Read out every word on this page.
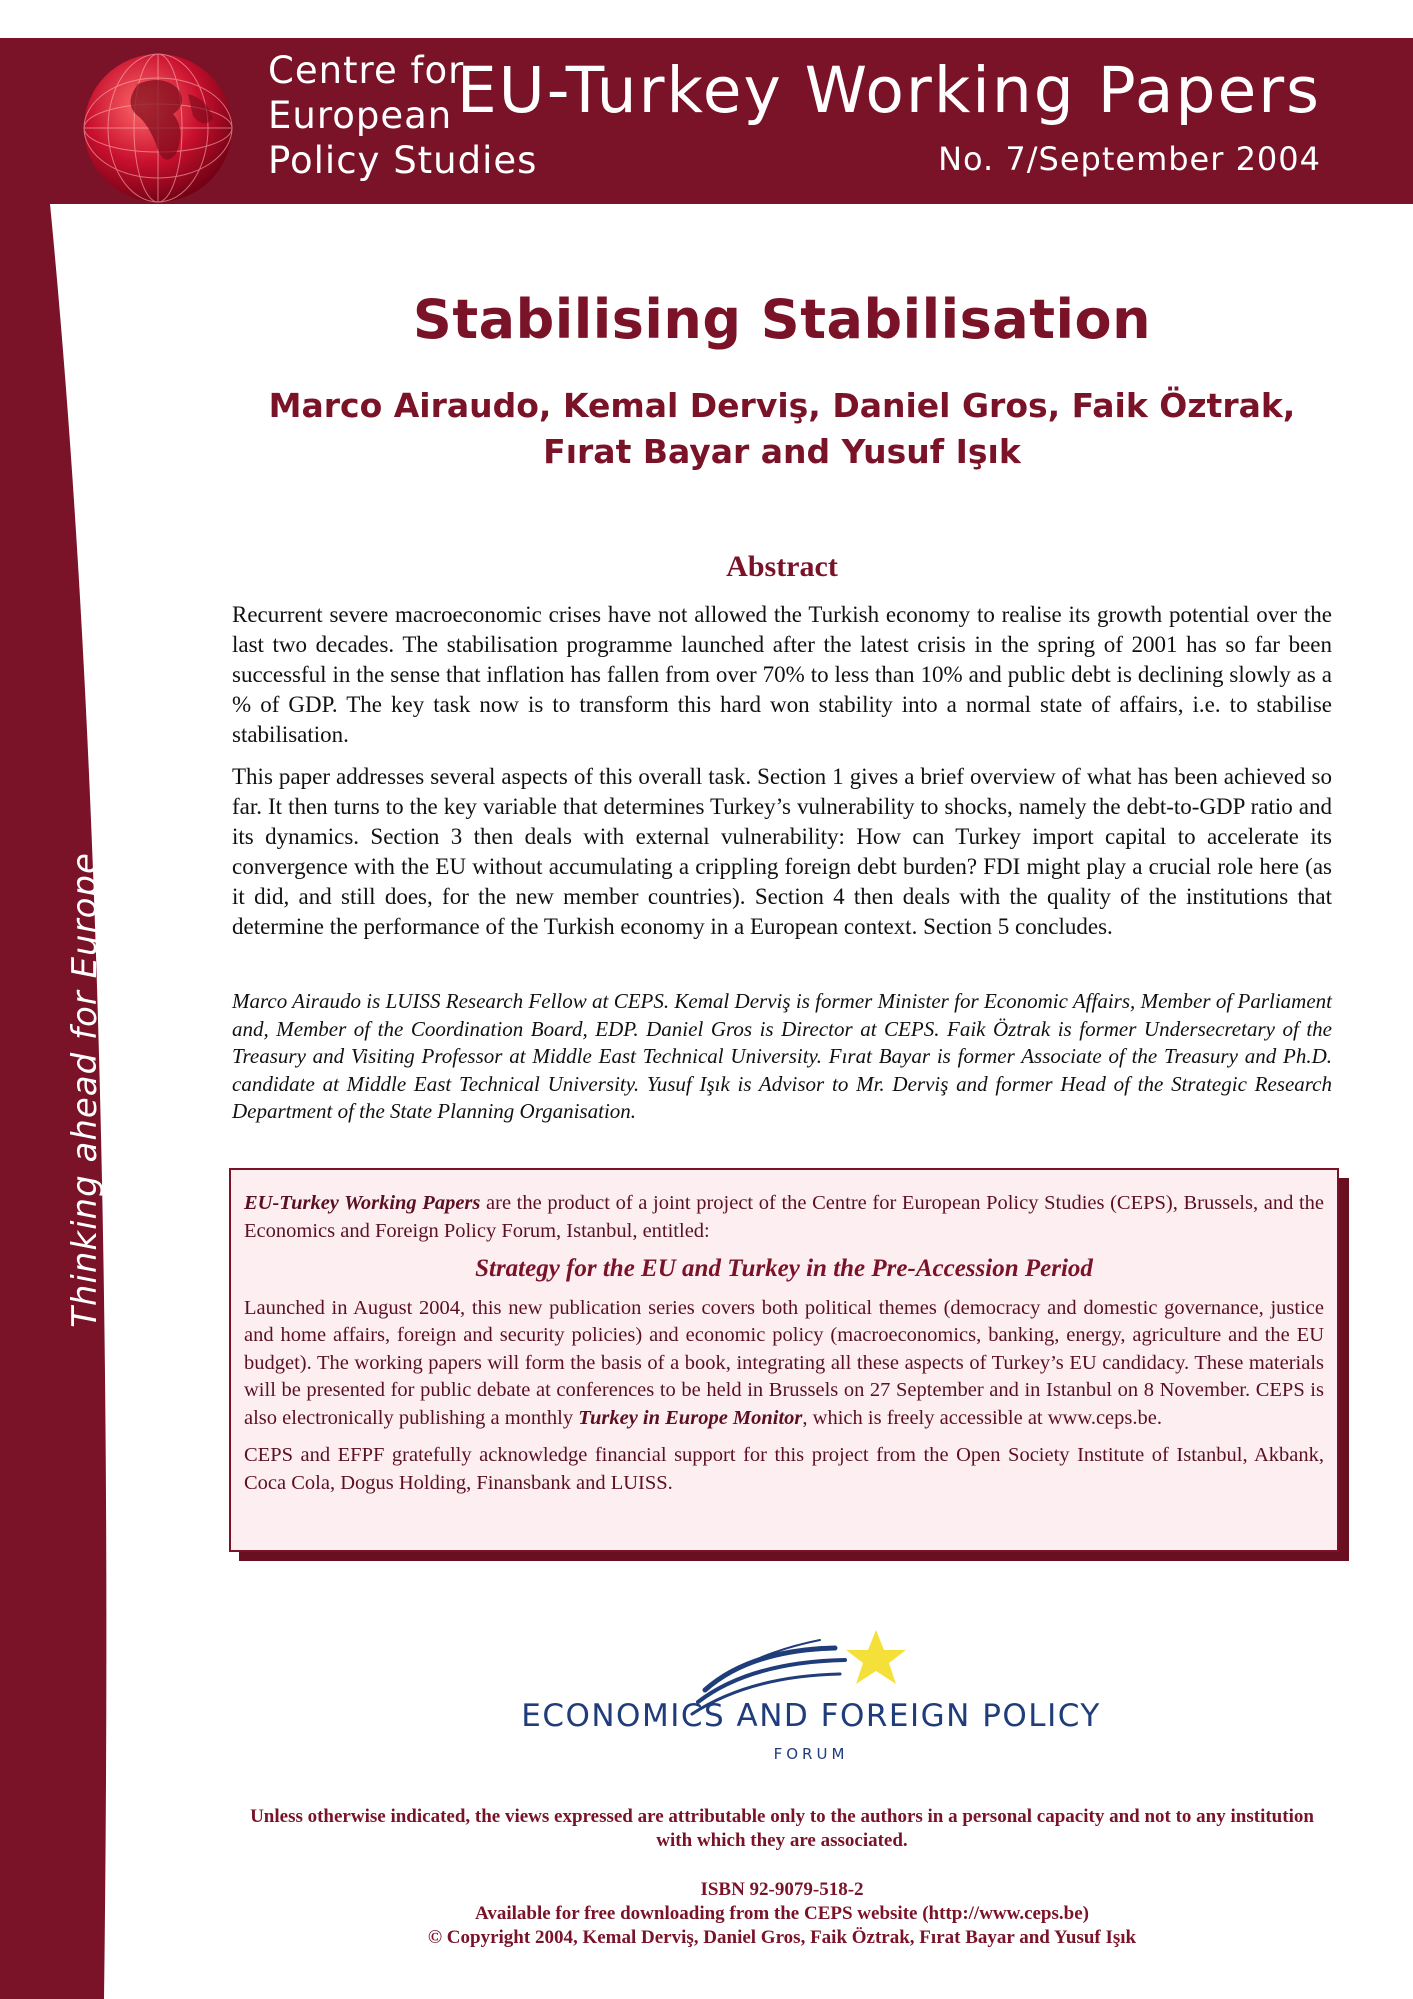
Centre for
European
Policy Studies
EU-Turkey Working Papers
No. 7/September 2004
Thinking ahead for Europe
Stabilising Stabilisation
Marco Airaudo, Kemal Derviş, Daniel Gros, Faik Öztrak,
Fırat Bayar and Yusuf Işık
Abstract

Recurrent severe macroeconomic crises have not allowed the Turkish economy to realise its growth potential over the last two decades. The stabilisation programme launched after the latest crisis in the spring of 2001 has so far been successful in the sense that inflation has fallen from over 70% to less than 10% and public debt is declining slowly as a % of GDP. The key task now is to transform this hard won stability into a normal state of affairs, i.e. to stabilise stabilisation.

This paper addresses several aspects of this overall task. Section 1 gives a brief overview of what has been achieved so far. It then turns to the key variable that determines Turkey’s vulnerability to shocks, namely the debt-to-GDP ratio and its dynamics. Section 3 then deals with external vulnerability: How can Turkey import capital to accelerate its convergence with the EU without accumulating a crippling foreign debt burden? FDI might play a crucial role here (as it did, and still does, for the new member countries). Section 4 then deals with the quality of the institutions that determine the performance of the Turkish economy in a European context. Section 5 concludes.

Marco Airaudo is LUISS Research Fellow at CEPS. Kemal Derviş is former Minister for Economic Affairs, Member of Parliament and, Member of the Coordination Board, EDP. Daniel Gros is Director at CEPS. Faik Öztrak is former Undersecretary of the Treasury and Visiting Professor at Middle East Technical University. Fırat Bayar is former Associate of the Treasury and Ph.D. candidate at Middle East Technical University. Yusuf Işık is Advisor to Mr. Derviş and former Head of the Strategic Research Department of the State Planning Organisation.

EU-Turkey Working Papers are the product of a joint project of the Centre for European Policy Studies (CEPS), Brussels, and the Economics and Foreign Policy Forum, Istanbul, entitled:

Strategy for the EU and Turkey in the Pre-Accession Period

Launched in August 2004, this new publication series covers both political themes (democracy and domestic governance, justice and home affairs, foreign and security policies) and economic policy (macroeconomics, banking, energy, agriculture and the EU budget). The working papers will form the basis of a book, integrating all these aspects of Turkey’s EU candidacy. These materials will be presented for public debate at conferences to be held in Brussels on 27 September and in Istanbul on 8 November. CEPS is also electronically publishing a monthly Turkey in Europe Monitor, which is freely accessible at www.ceps.be.

CEPS and EFPF gratefully acknowledge financial support for this project from the Open Society Institute of Istanbul, Akbank, Coca Cola, Dogus Holding, Finansbank and LUISS.

ECONOMICS AND FOREIGN POLICY
FORUM
Unless otherwise indicated, the views expressed are attributable only to the authors in a personal capacity and not to any institution with which they are associated.
ISBN 92-9079-518-2
Available for free downloading from the CEPS website (http://www.ceps.be)
© Copyright 2004, Kemal Derviş, Daniel Gros, Faik Öztrak, Fırat Bayar and Yusuf Işık
